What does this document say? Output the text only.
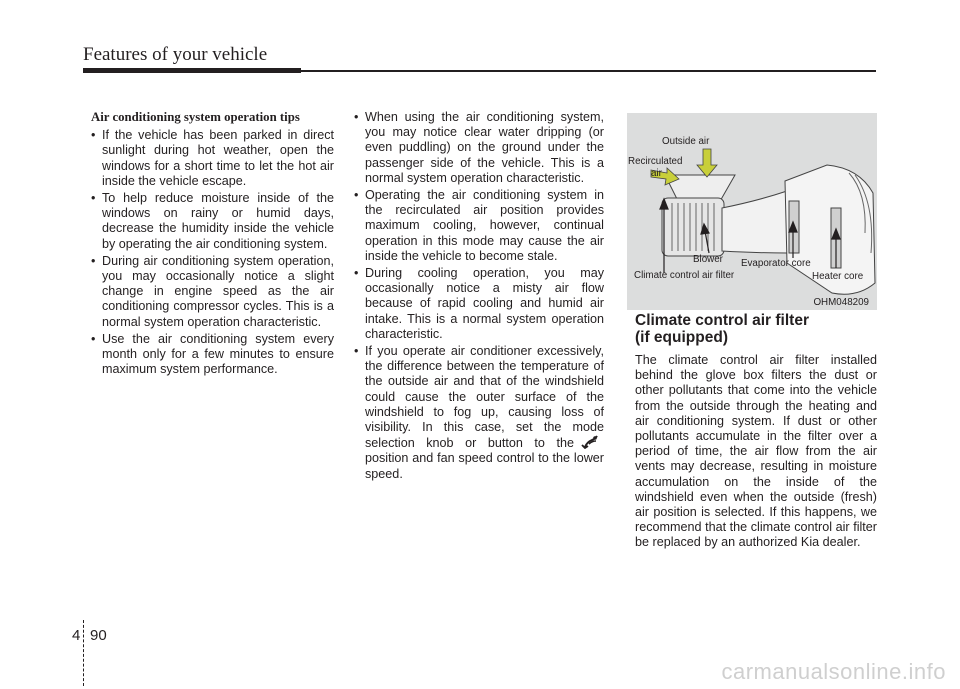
Features of your vehicle
Air conditioning system operation tips
• If the vehicle has been parked in direct sunlight during hot weather, open the windows for a short time to let the hot air inside the vehicle escape.
• To help reduce moisture inside of the windows on rainy or humid days, decrease the humidity inside the vehicle by operating the air conditioning system.
• During air conditioning system operation, you may occasionally notice a slight change in engine speed as the air conditioning compressor cycles. This is a normal system operation characteristic.
• Use the air conditioning system every month only for a few minutes to ensure maximum system performance.
• When using the air conditioning system, you may notice clear water dripping (or even puddling) on the ground under the passenger side of the vehicle. This is a normal system operation characteristic.
• Operating the air conditioning system in the recirculated air position provides maximum cooling, however, continual operation in this mode may cause the air inside the vehicle to become stale.
• During cooling operation, you may occasionally notice a misty air flow because of rapid cooling and humid air intake. This is a normal system operation characteristic.
• If you operate air conditioner excessively, the difference between the temperature of the outside air and that of the windshield could cause the outer surface of the windshield to fog up, causing loss of visibility. In this case, set the mode selection knob or button to theposition and fan speed control to the lower speed.
Outside air
Recirculated
air
Blower Evaporator core
Climate control air filter	Heater core
OHM048209
Climate control air filter
(if equipped)
The climate control air filter installed behind the glove box filters the dust or other pollutants that come into the vehicle from the outside through the heating and air conditioning system. If dust or other pollutants accumulate in the filter over a period of time, the air flow from the air vents may decrease, resulting in moisture accumulation on the inside of the windshield even when the outside (fresh) air position is selected. If this happens, we recommend that the climate control air filter be replaced by an authorized Kia dealer.
4 90
carmanualsonline.info
